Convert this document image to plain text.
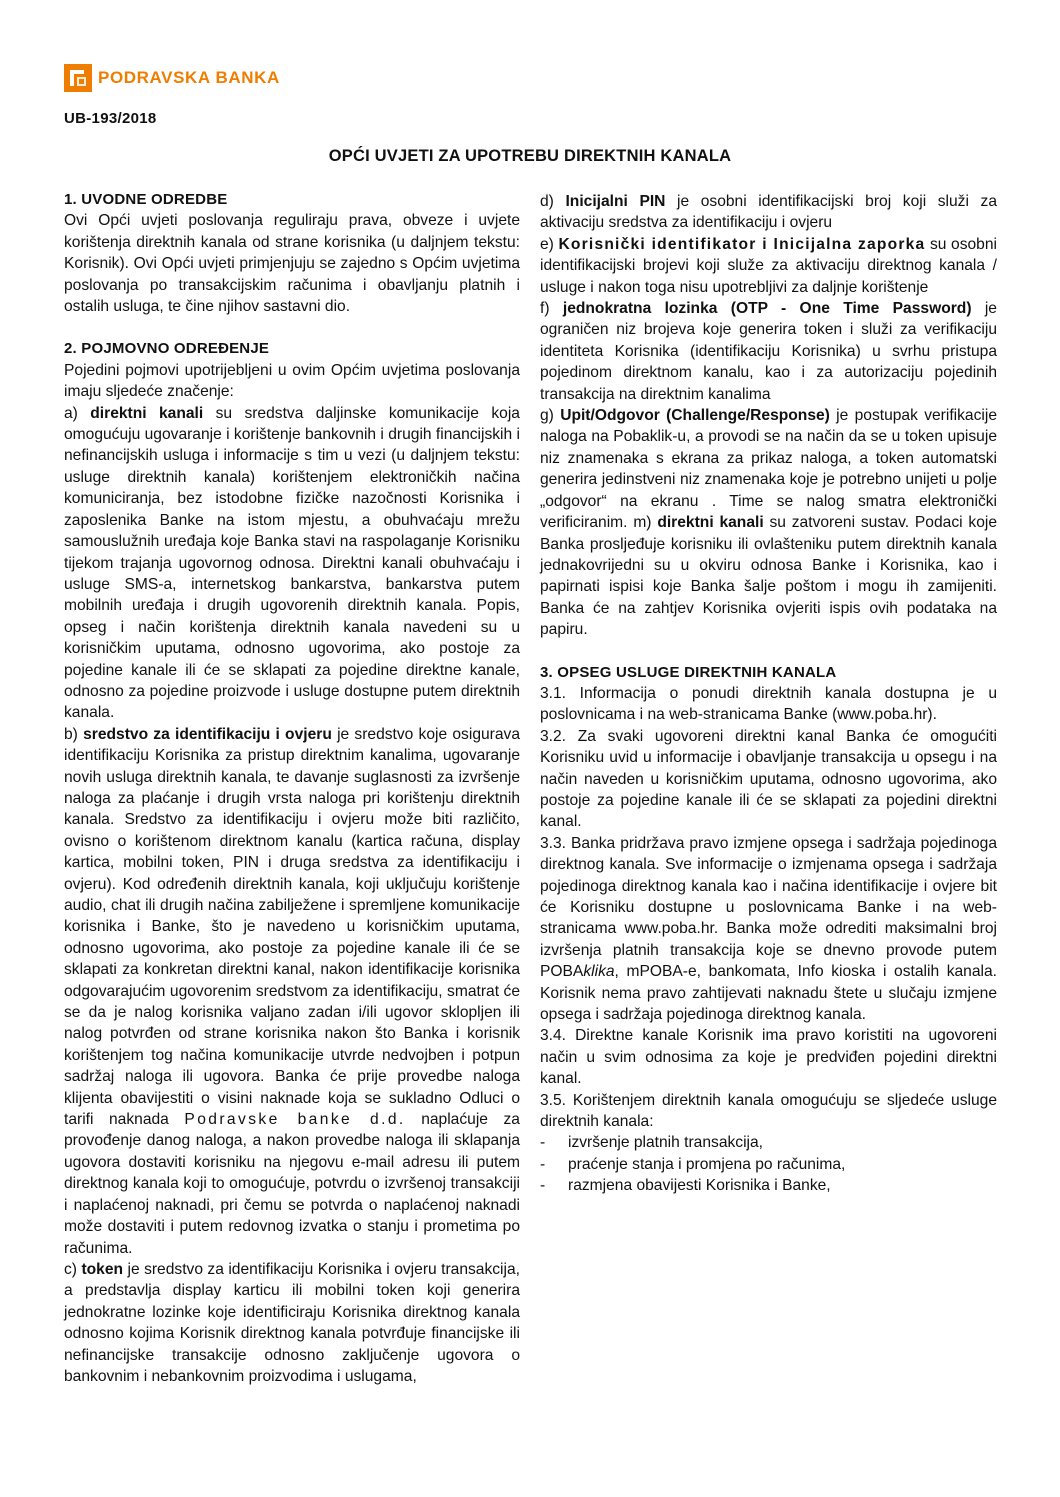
PODRAVSKA BANKA
UB-193/2018
OPĆI UVJETI ZA UPOTREBU DIREKTNIH KANALA

1. UVODNE ODREDBE

Ovi Opći uvjeti poslovanja reguliraju prava, obveze i uvjete korištenja direktnih kanala od strane korisnika (u daljnjem tekstu: Korisnik). Ovi Opći uvjeti primjenjuju se zajedno s Općim uvjetima poslovanja po transakcijskim računima i obavljanju platnih i ostalih usluga, te čine njihov sastavni dio.

2. POJMOVNO ODREĐENJE

Pojedini pojmovi upotrijebljeni u ovim Općim uvjetima poslovanja imaju sljedeće značenje:

a) direktni kanali su sredstva daljinske komunikacije koja omogućuju ugovaranje i korištenje bankovnih i drugih financijskih i nefinancijskih usluga i informacije s tim u vezi (u daljnjem tekstu: usluge direktnih kanala) korištenjem elektroničkih načina komuniciranja, bez istodobne fizičke nazočnosti Korisnika i zaposlenika Banke na istom mjestu, a obuhvaćaju mrežu samouslužnih uređaja koje Banka stavi na raspolaganje Korisniku tijekom trajanja ugovornog odnosa. Direktni kanali obuhvaćaju i usluge SMS-a, internetskog bankarstva, bankarstva putem mobilnih uređaja i drugih ugovorenih direktnih kanala. Popis, opseg i način korištenja direktnih kanala navedeni su u korisničkim uputama, odnosno ugovorima, ako postoje za pojedine kanale ili će se sklapati za pojedine direktne kanale, odnosno za pojedine proizvode i usluge dostupne putem direktnih kanala.

b) sredstvo za identifikaciju i ovjeru je sredstvo koje osigurava identifikaciju Korisnika za pristup direktnim kanalima, ugovaranje novih usluga direktnih kanala, te davanje suglasnosti za izvršenje naloga za plaćanje i drugih vrsta naloga pri korištenju direktnih kanala. Sredstvo za identifikaciju i ovjeru može biti različito, ovisno o korištenom direktnom kanalu (kartica računa, display kartica, mobilni token, PIN i druga sredstva za identifikaciju i ovjeru). Kod određenih direktnih kanala, koji uključuju korištenje audio, chat ili drugih načina zabilježene i spremljene komunikacije korisnika i Banke, što je navedeno u korisničkim uputama, odnosno ugovorima, ako postoje za pojedine kanale ili će se sklapati za konkretan direktni kanal, nakon identifikacije korisnika odgovarajućim ugovorenim sredstvom za identifikaciju, smatrat će se da je nalog korisnika valjano zadan i/ili ugovor sklopljen ili nalog potvrđen od strane korisnika nakon što Banka i korisnik korištenjem tog načina komunikacije utvrde nedvojben i potpun sadržaj naloga ili ugovora. Banka će prije provedbe naloga klijenta obavijestiti o visini naknade koja se sukladno Odluci o tarifi naknada Podravske banke d.d. naplaćuje za provođenje danog naloga, a nakon provedbe naloga ili sklapanja ugovora dostaviti korisniku na njegovu e-mail adresu ili putem direktnog kanala koji to omogućuje, potvrdu o izvršenoj transakciji i naplaćenoj naknadi, pri čemu se potvrda o naplaćenoj naknadi može dostaviti i putem redovnog izvatka o stanju i prometima po računima.

c) token je sredstvo za identifikaciju Korisnika i ovjeru transakcija, a predstavlja display karticu ili mobilni token koji generira jednokratne lozinke koje identificiraju Korisnika direktnog kanala odnosno kojima Korisnik direktnog kanala potvrđuje financijske ili nefinancijske transakcije odnosno zaključenje ugovora o bankovnim i nebankovnim proizvodima i uslugama,

d) Inicijalni PIN je osobni identifikacijski broj koji služi za aktivaciju sredstva za identifikaciju i ovjeru

e) Korisnički identifikator i Inicijalna zaporka su osobni identifikacijski brojevi koji služe za aktivaciju direktnog kanala / usluge i nakon toga nisu upotrebljivi za daljnje korištenje

f) jednokratna lozinka (OTP - One Time Password) je ograničen niz brojeva koje generira token i služi za verifikaciju identiteta Korisnika (identifikaciju Korisnika) u svrhu pristupa pojedinom direktnom kanalu, kao i za autorizaciju pojedinih transakcija na direktnim kanalima

g) Upit/Odgovor (Challenge/Response) je postupak verifikacije naloga na Pobaklik-u, a provodi se na način da se u token upisuje niz znamenaka s ekrana za prikaz naloga, a token automatski generira jedinstveni niz znamenaka koje je potrebno unijeti u polje „odgovor“ na ekranu . Time se nalog smatra elektronički verificiranim. m) direktni kanali su zatvoreni sustav. Podaci koje Banka prosljeđuje korisniku ili ovlašteniku putem direktnih kanala jednakovrijedni su u okviru odnosa Banke i Korisnika, kao i papirnati ispisi koje Banka šalje poštom i mogu ih zamijeniti. Banka će na zahtjev Korisnika ovjeriti ispis ovih podataka na papiru.

3. OPSEG USLUGE DIREKTNIH KANALA

3.1. Informacija o ponudi direktnih kanala dostupna je u poslovnicama i na web-stranicama Banke (www.poba.hr).

3.2. Za svaki ugovoreni direktni kanal Banka će omogućiti Korisniku uvid u informacije i obavljanje transakcija u opsegu i na način naveden u korisničkim uputama, odnosno ugovorima, ako postoje za pojedine kanale ili će se sklapati za pojedini direktni kanal.

3.3. Banka pridržava pravo izmjene opsega i sadržaja pojedinoga direktnog kanala. Sve informacije o izmjenama opsega i sadržaja pojedinoga direktnog kanala kao i načina identifikacije i ovjere bit će Korisniku dostupne u poslovnicama Banke i na web-stranicama www.poba.hr. Banka može odrediti maksimalni broj izvršenja platnih transakcija koje se dnevno provode putem POBAklika, mPOBA-e, bankomata, Info kioska i ostalih kanala. Korisnik nema pravo zahtijevati naknadu štete u slučaju izmjene opsega i sadržaja pojedinoga direktnog kanala.

3.4. Direktne kanale Korisnik ima pravo koristiti na ugovoreni način u svim odnosima za koje je predviđen pojedini direktni kanal.

3.5. Korištenjem direktnih kanala omogućuju se sljedeće usluge direktnih kanala:

-	izvršenje platnih transakcija,
-	praćenje stanja i promjena po računima,
-	razmjena obavijesti Korisnika i Banke,
